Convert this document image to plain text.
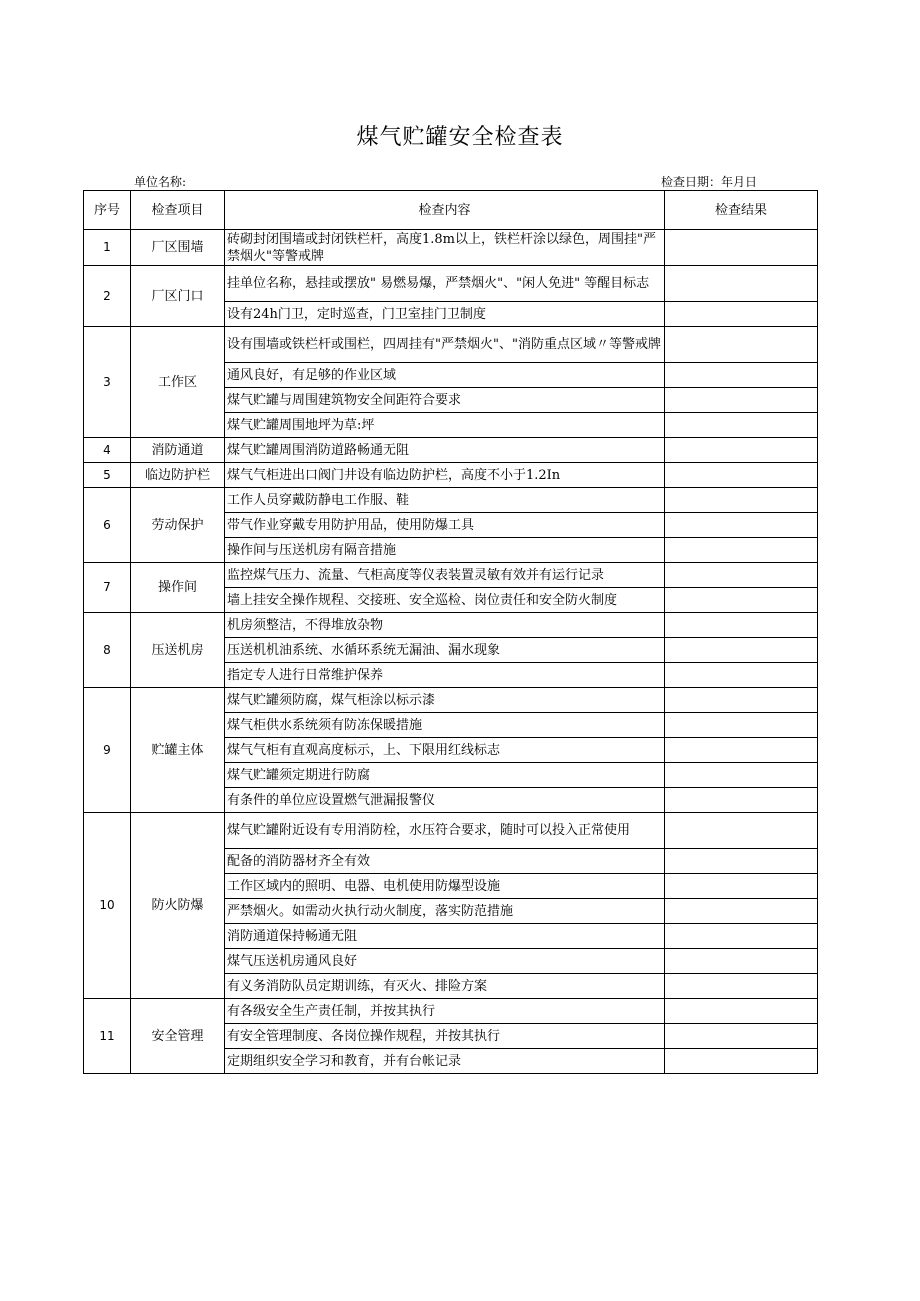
煤气贮罐安全检查表
单位名称:	检查日期：年月日
序号	检查项目	检查内容	检查结果
1	厂区围墙	砖砌封闭围墙或封闭铁栏杆，高度1.8m以上，铁栏杆涂以绿色，周围挂"严禁烟火"等警戒牌	
2	厂区门口	挂单位名称，悬挂或摆放" 易燃易爆，严禁烟火"、"闲人免进" 等醒目标志	
		设有24h门卫，定时巡查，门卫室挂门卫制度	
3	工作区	设有围墙或铁栏杆或围栏，四周挂有"严禁烟火"、"消防重点区域〃等警戒牌	
		通风良好，有足够的作业区域	
		煤气贮罐与周围建筑物安全间距符合要求	
		煤气贮罐周围地坪为草:坪	
4	消防通道	煤气贮罐周围消防道路畅通无阻	
5	临边防护栏	煤气气柜进出口阀门井设有临边防护栏，高度不小于1.2In	
6	劳动保护	工作人员穿戴防静电工作服、鞋	
		带气作业穿戴专用防护用品，使用防爆工具	
		操作间与压送机房有隔音措施	
7	操作间	监控煤气压力、流量、气柜高度等仪表装置灵敏有效并有运行记录	
		墙上挂安全操作规程、交接班、安全巡检、岗位责任和安全防火制度	
8	压送机房	机房须整洁，不得堆放杂物	
		压送机机油系统、水循环系统无漏油、漏水现象	
		指定专人进行日常维护保养	
9	贮罐主体	煤气贮罐须防腐，煤气柜涂以标示漆	
		煤气柜供水系统须有防冻保暖措施	
		煤气气柜有直观高度标示，上、下限用红线标志	
		煤气贮罐须定期进行防腐	
		有条件的单位应设置燃气泄漏报警仪	
10	防火防爆	煤气贮罐附近设有专用消防栓，水压符合要求，随时可以投入正常使用	
		配备的消防器材齐全有效	
		工作区域内的照明、电器、电机使用防爆型设施	
		严禁烟火。如需动火执行动火制度，落实防范措施	
		消防通道保持畅通无阻	
		煤气压送机房通风良好	
		有义务消防队员定期训练，有灭火、排险方案	
11	安全管理	有各级安全生产责任制，并按其执行	
		有安全管理制度、各岗位操作规程，并按其执行	
		定期组织安全学习和教育，并有台帐记录	
